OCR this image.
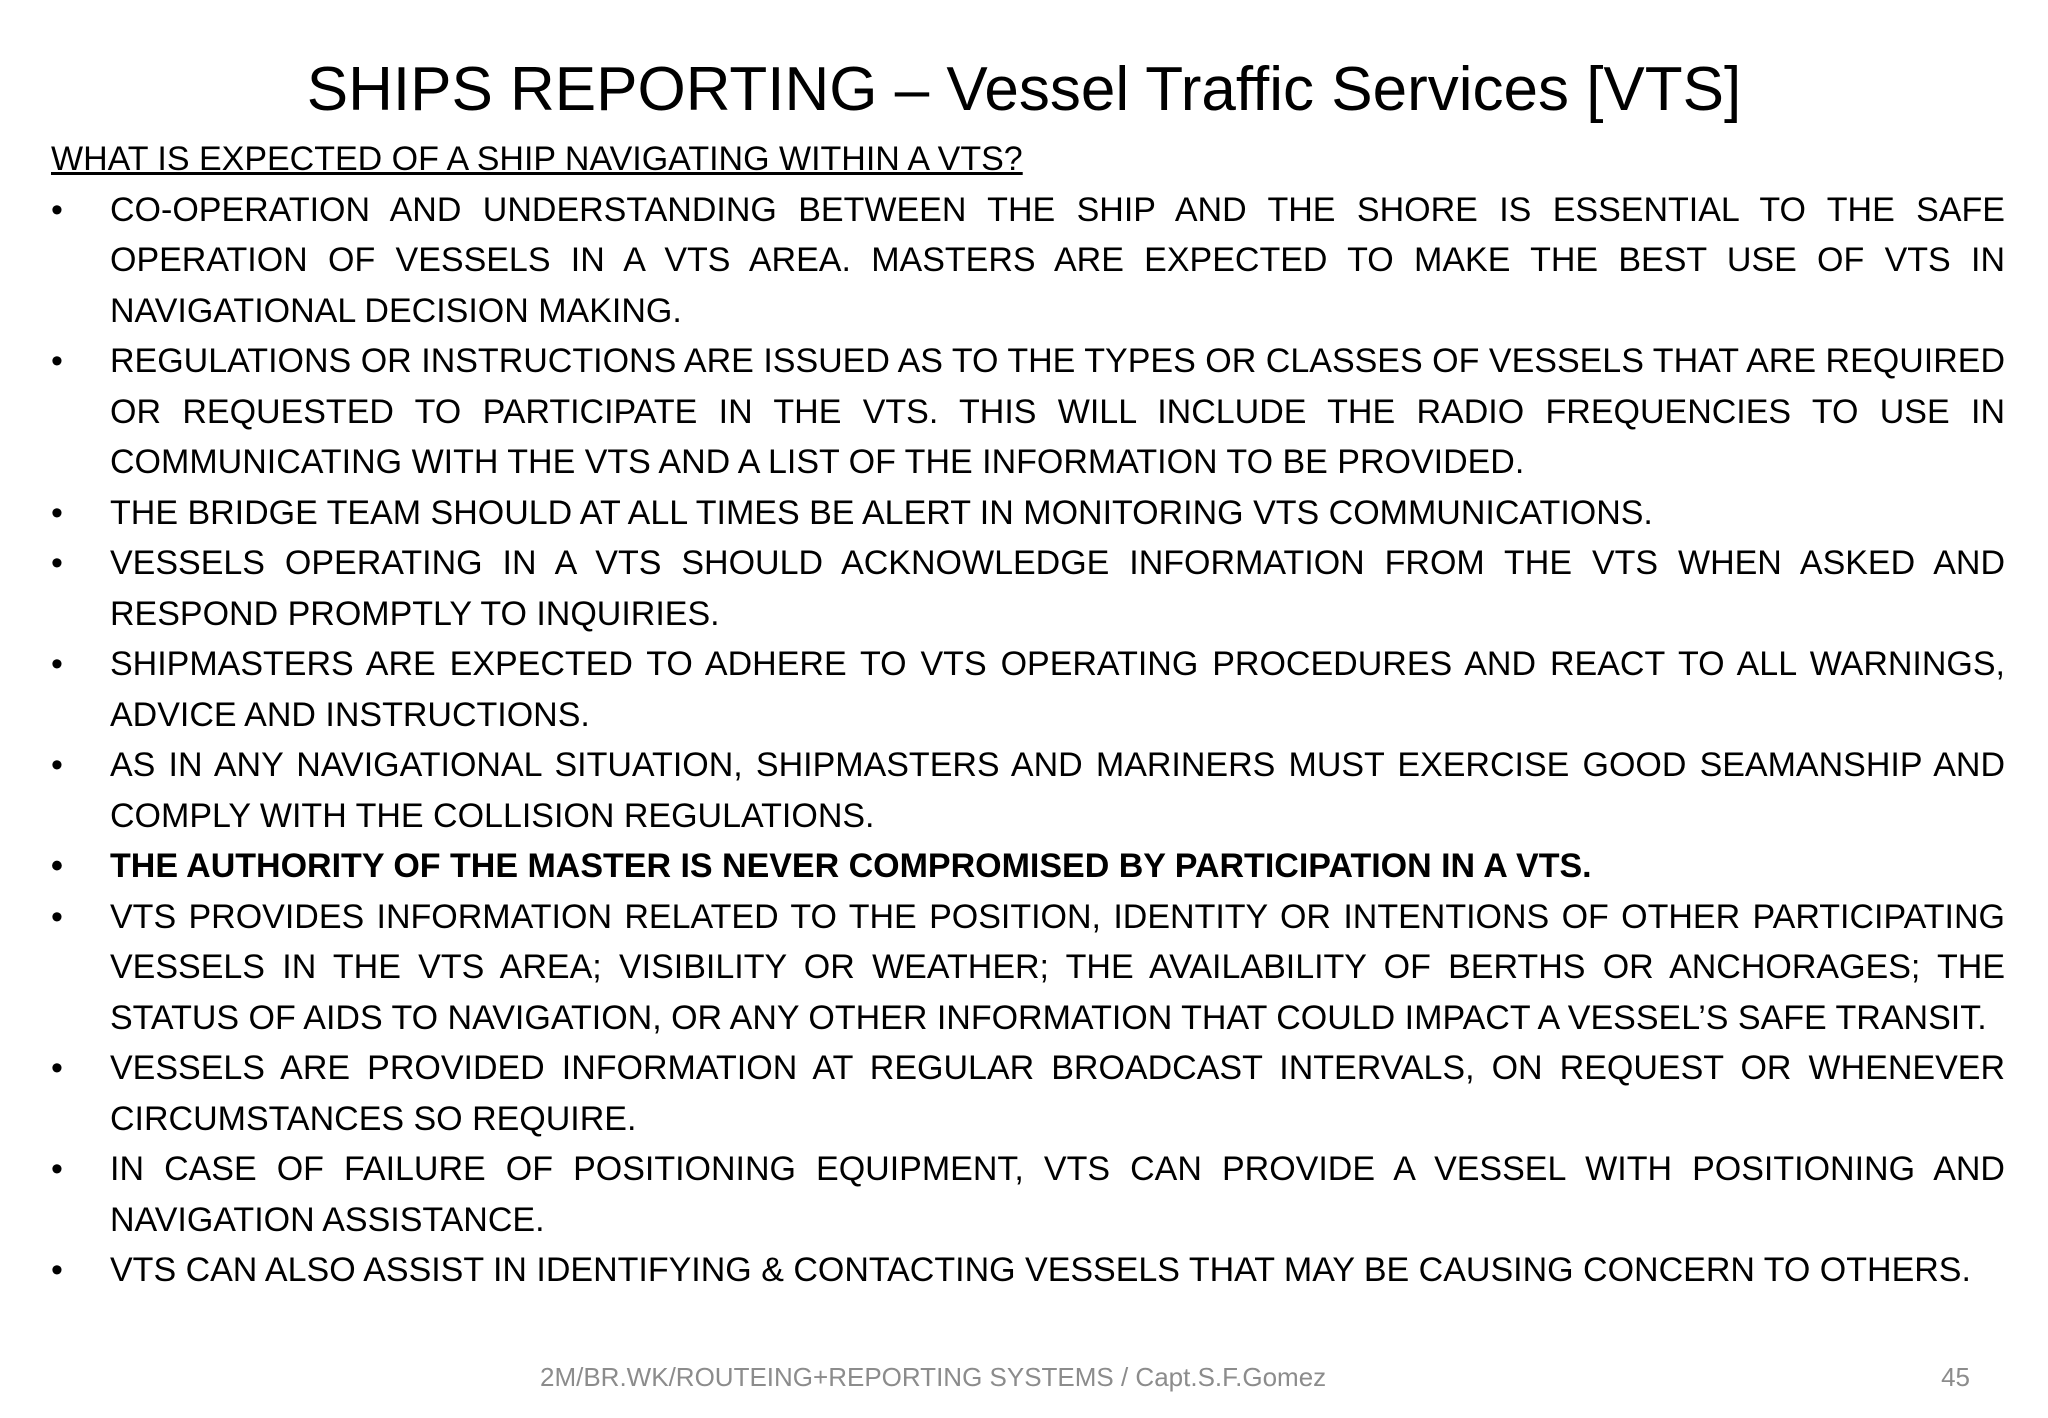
SHIPS REPORTING – Vessel Traffic Services [VTS]

WHAT IS EXPECTED OF A SHIP NAVIGATING WITHIN A VTS?

•	CO-OPERATION AND UNDERSTANDING BETWEEN THE SHIP AND THE SHORE IS ESSENTIAL TO THE SAFE OPERATION OF VESSELS IN A VTS AREA. MASTERS ARE EXPECTED TO MAKE THE BEST USE OF VTS IN NAVIGATIONAL DECISION MAKING.
•	REGULATIONS OR INSTRUCTIONS ARE ISSUED AS TO THE TYPES OR CLASSES OF VESSELS THAT ARE REQUIRED OR REQUESTED TO PARTICIPATE IN THE VTS. THIS WILL INCLUDE THE RADIO FREQUENCIES TO USE IN COMMUNICATING WITH THE VTS AND A LIST OF THE INFORMATION TO BE PROVIDED.
•	THE BRIDGE TEAM SHOULD AT ALL TIMES BE ALERT IN MONITORING VTS COMMUNICATIONS.
•	VESSELS OPERATING IN A VTS SHOULD ACKNOWLEDGE INFORMATION FROM THE VTS WHEN ASKED AND RESPOND PROMPTLY TO INQUIRIES.
•	SHIPMASTERS ARE EXPECTED TO ADHERE TO VTS OPERATING PROCEDURES AND REACT TO ALL WARNINGS, ADVICE AND INSTRUCTIONS.
•	AS IN ANY NAVIGATIONAL SITUATION, SHIPMASTERS AND MARINERS MUST EXERCISE GOOD SEAMANSHIP AND COMPLY WITH THE COLLISION REGULATIONS.
•	THE AUTHORITY OF THE MASTER IS NEVER COMPROMISED BY PARTICIPATION IN A VTS.
•	VTS PROVIDES INFORMATION RELATED TO THE POSITION, IDENTITY OR INTENTIONS OF OTHER PARTICIPATING VESSELS IN THE VTS AREA; VISIBILITY OR WEATHER; THE AVAILABILITY OF BERTHS OR ANCHORAGES; THE STATUS OF AIDS TO NAVIGATION, OR ANY OTHER INFORMATION THAT COULD IMPACT A VESSEL’S SAFE TRANSIT.
•	VESSELS ARE PROVIDED INFORMATION AT REGULAR BROADCAST INTERVALS, ON REQUEST OR WHENEVER CIRCUMSTANCES SO REQUIRE.
•	IN CASE OF FAILURE OF POSITIONING EQUIPMENT, VTS CAN PROVIDE A VESSEL WITH POSITIONING AND NAVIGATION ASSISTANCE.
•	VTS CAN ALSO ASSIST IN IDENTIFYING & CONTACTING VESSELS THAT MAY BE CAUSING CONCERN TO OTHERS.
2M/BR.WK/ROUTEING+REPORTING SYSTEMS / Capt.S.F.Gomez	45
